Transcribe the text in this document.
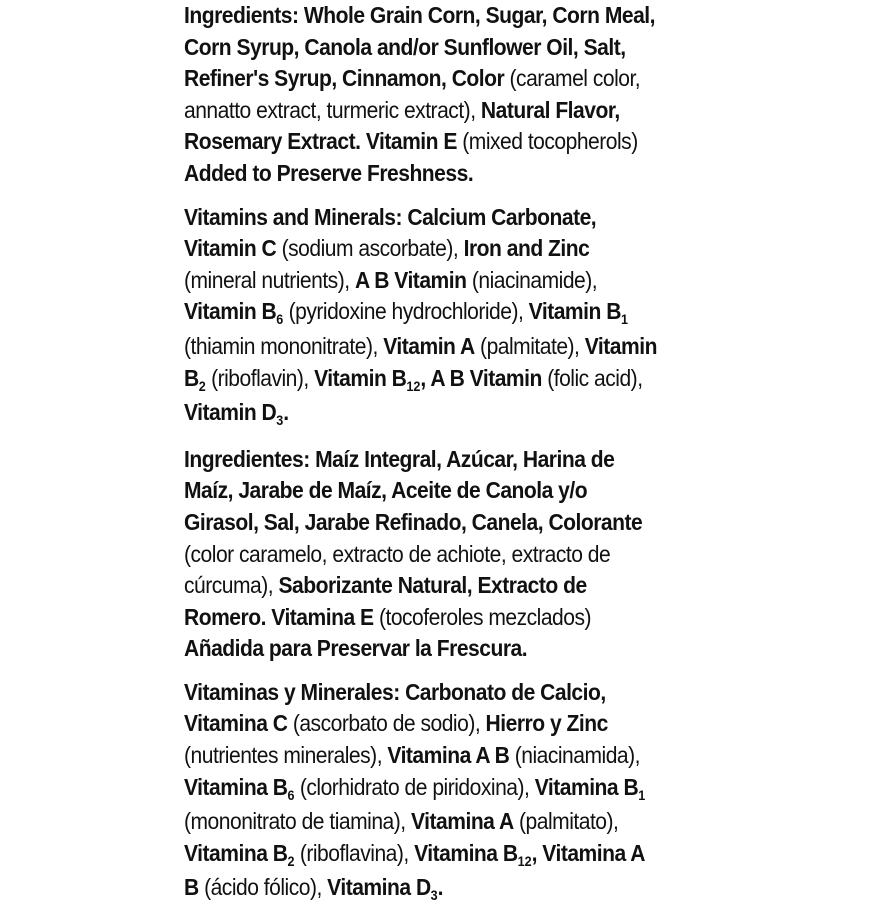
Ingredients: Whole Grain Corn, Sugar, Corn Meal,
Corn Syrup, Canola and/or Sunflower Oil, Salt,
Refiner's Syrup, Cinnamon, Color (caramel color,
annatto extract, turmeric extract), Natural Flavor,
Rosemary Extract. Vitamin E (mixed tocopherols)
Added to Preserve Freshness.
Vitamins and Minerals: Calcium Carbonate,
Vitamin C (sodium ascorbate), Iron and Zinc
(mineral nutrients), A B Vitamin (niacinamide),
Vitamin $B_6$ (pyridoxine hydrochloride), Vitamin $B_1$
(thiamin mononitrate), Vitamin A (palmitate), Vitamin
$B_2$ (riboflavin), Vitamin $B_{12}$, A B Vitamin (folic acid),
Vitamin $D_3$.
Ingredientes: Maíz Integral, Azúcar, Harina de
Maíz, Jarabe de Maíz, Aceite de Canola y/o
Girasol, Sal, Jarabe Refinado, Canela, Colorante
(color caramelo, extracto de achiote, extracto de
cúrcuma), Saborizante Natural, Extracto de
Romero. Vitamina E (tocoferoles mezclados)
Añadida para Preservar la Frescura.
Vitaminas y Minerales: Carbonato de Calcio,
Vitamina C (ascorbato de sodio), Hierro y Zinc
(nutrientes minerales), Vitamina A B (niacinamida),
Vitamina $B_6$ (clorhidrato de piridoxina), Vitamina $B_1$
(mononitrato de tiamina), Vitamina A (palmitato),
Vitamina $B_2$ (riboflavina), Vitamina $B_{12}$, Vitamina A
B (ácido fólico), Vitamina $D_3$.
